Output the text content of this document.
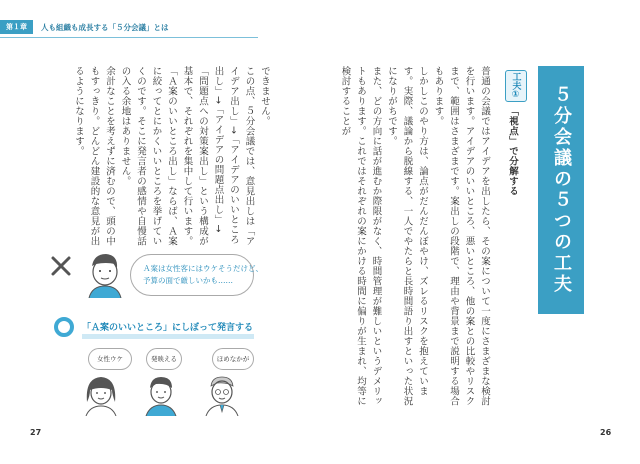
第１章	人も組織も成長する「５分会議」とは
５分会議の５つの工夫
工夫①
「視点」で分解する

普通の会議ではアイデアを出したら、その案について一度にさまざまな検討を行います。アイデアのいいところ、悪いところ、他の案との比較やリスクまで、範囲はさまざまです。案出しの段階で、理由や背景まで説明する場合もあります。

しかしこのやり方は、論点がだんだんぼやけ、ズレるリスクを抱えています。実際、議論から脱線する、一人でやたらと長時間語り出すといった状況になりがちです。

また、どの方向に話が進むか際限がなく、時間管理が難しいというデメリットもあります。これではそれぞれの案にかける時間に偏りが生まれ、均等に検討することが

26

できません。

この点、５分会議では、意見出しは「アイデア出し」→「アイデアのいいところ出し」→「アイデアの問題点出し」→「問題点への対策案出し」という構成が基本で、それぞれを集中して行います。

「Ａ案のいいところ出し」ならば、Ａ案に絞ってとにかくいいところを挙げていくのです。そこに発言者の感情や自慢話の入る余地はありません。

余計なことを考えずに済むので、頭の中もすっきり。どんどん建設的な意見が出るようになります。

Ａ案は女性客にはウケそうだけど、
予算の面で厳しいかも……
「Ａ案のいいところ」にしぼって発言する
女性ウケ	発映える	ほめなかが
27
